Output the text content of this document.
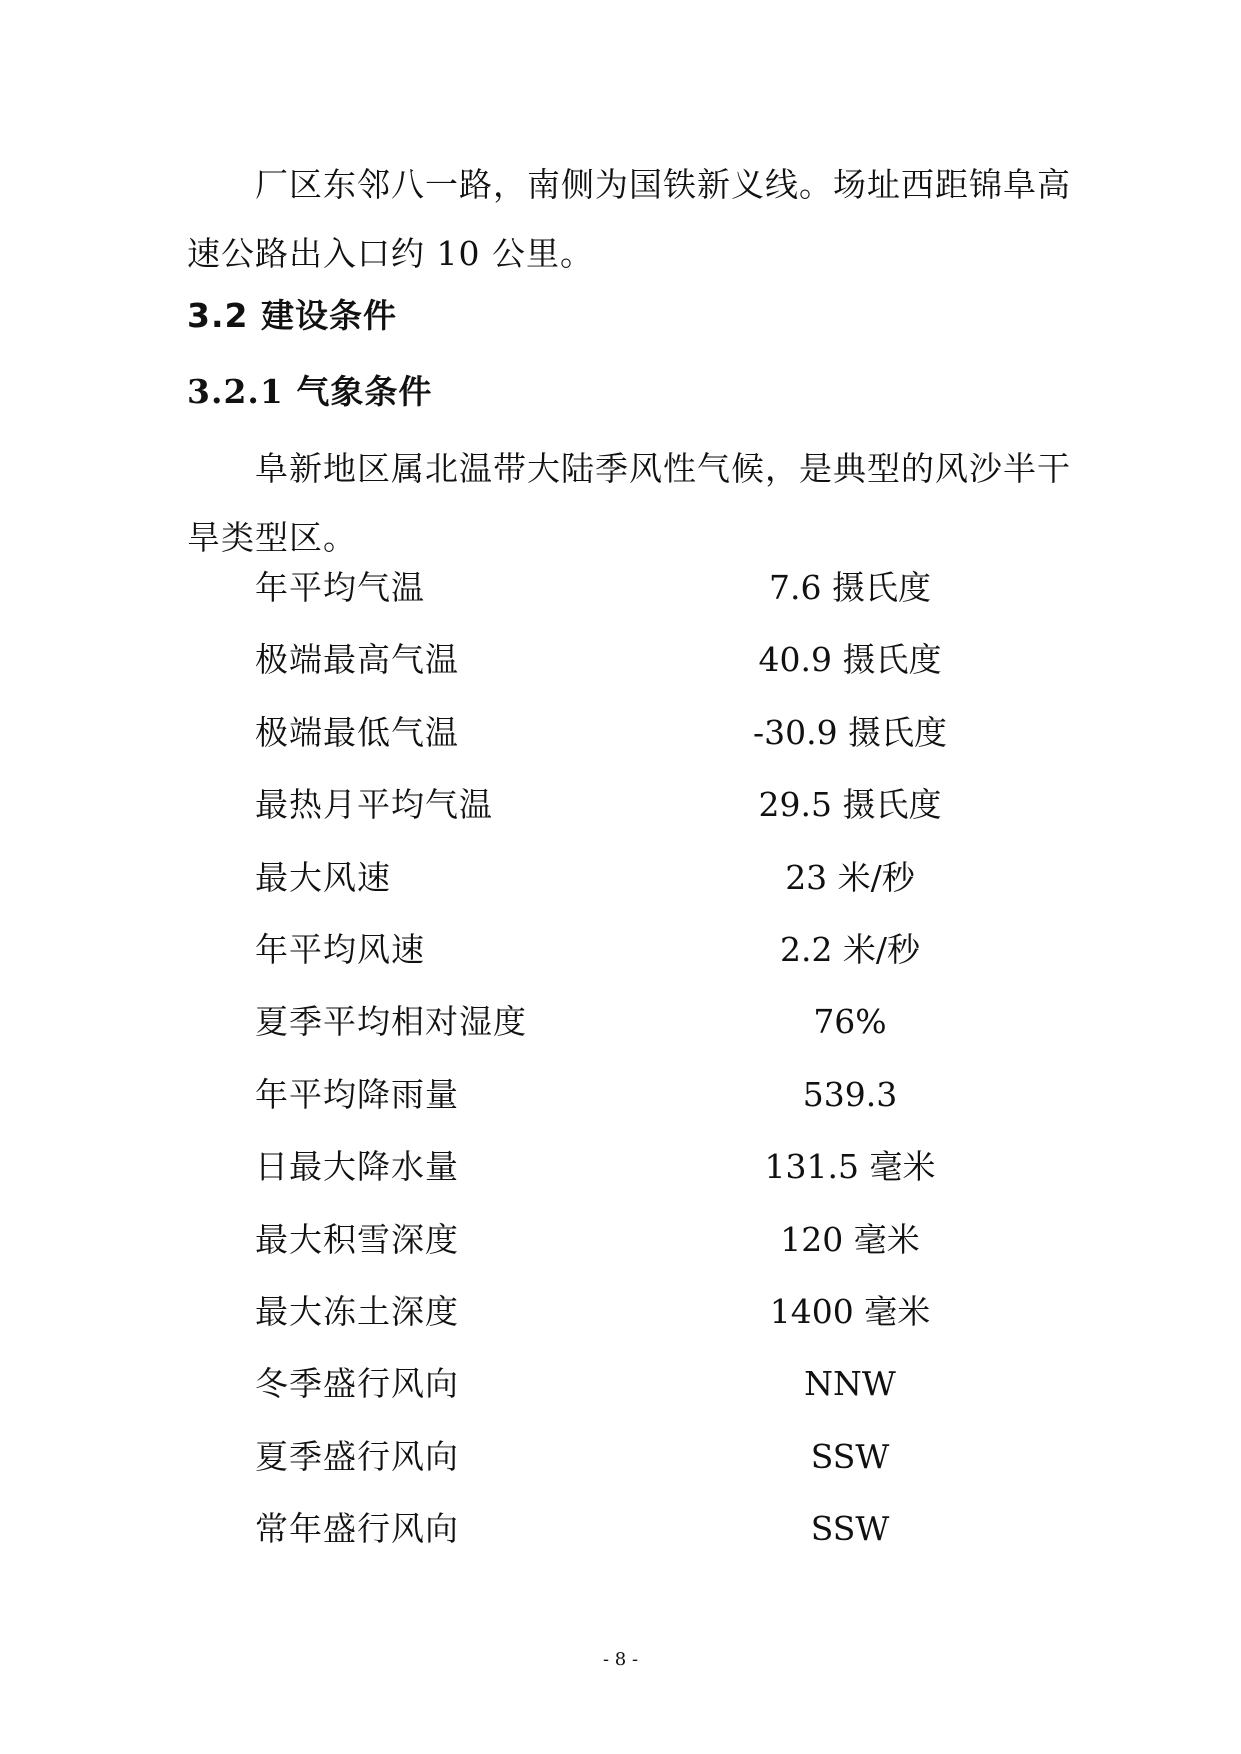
厂区东邻八一路，南侧为国铁新义线。场址西距锦阜高速公路出入口约 10 公里。

3.2 建设条件
3.2.1 气象条件

阜新地区属北温带大陆季风性气候，是典型的风沙半干旱类型区。

年平均气温	7.6 摄氏度
极端最高气温	40.9 摄氏度
极端最低气温	-30.9 摄氏度
最热月平均气温	29.5 摄氏度
最大风速	23 米/秒
年平均风速	2.2 米/秒
夏季平均相对湿度	76%
年平均降雨量	539.3
日最大降水量	131.5 毫米
最大积雪深度	120 毫米
最大冻土深度	1400 毫米
冬季盛行风向	NNW
夏季盛行风向	SSW
常年盛行风向	SSW
- 8 -
